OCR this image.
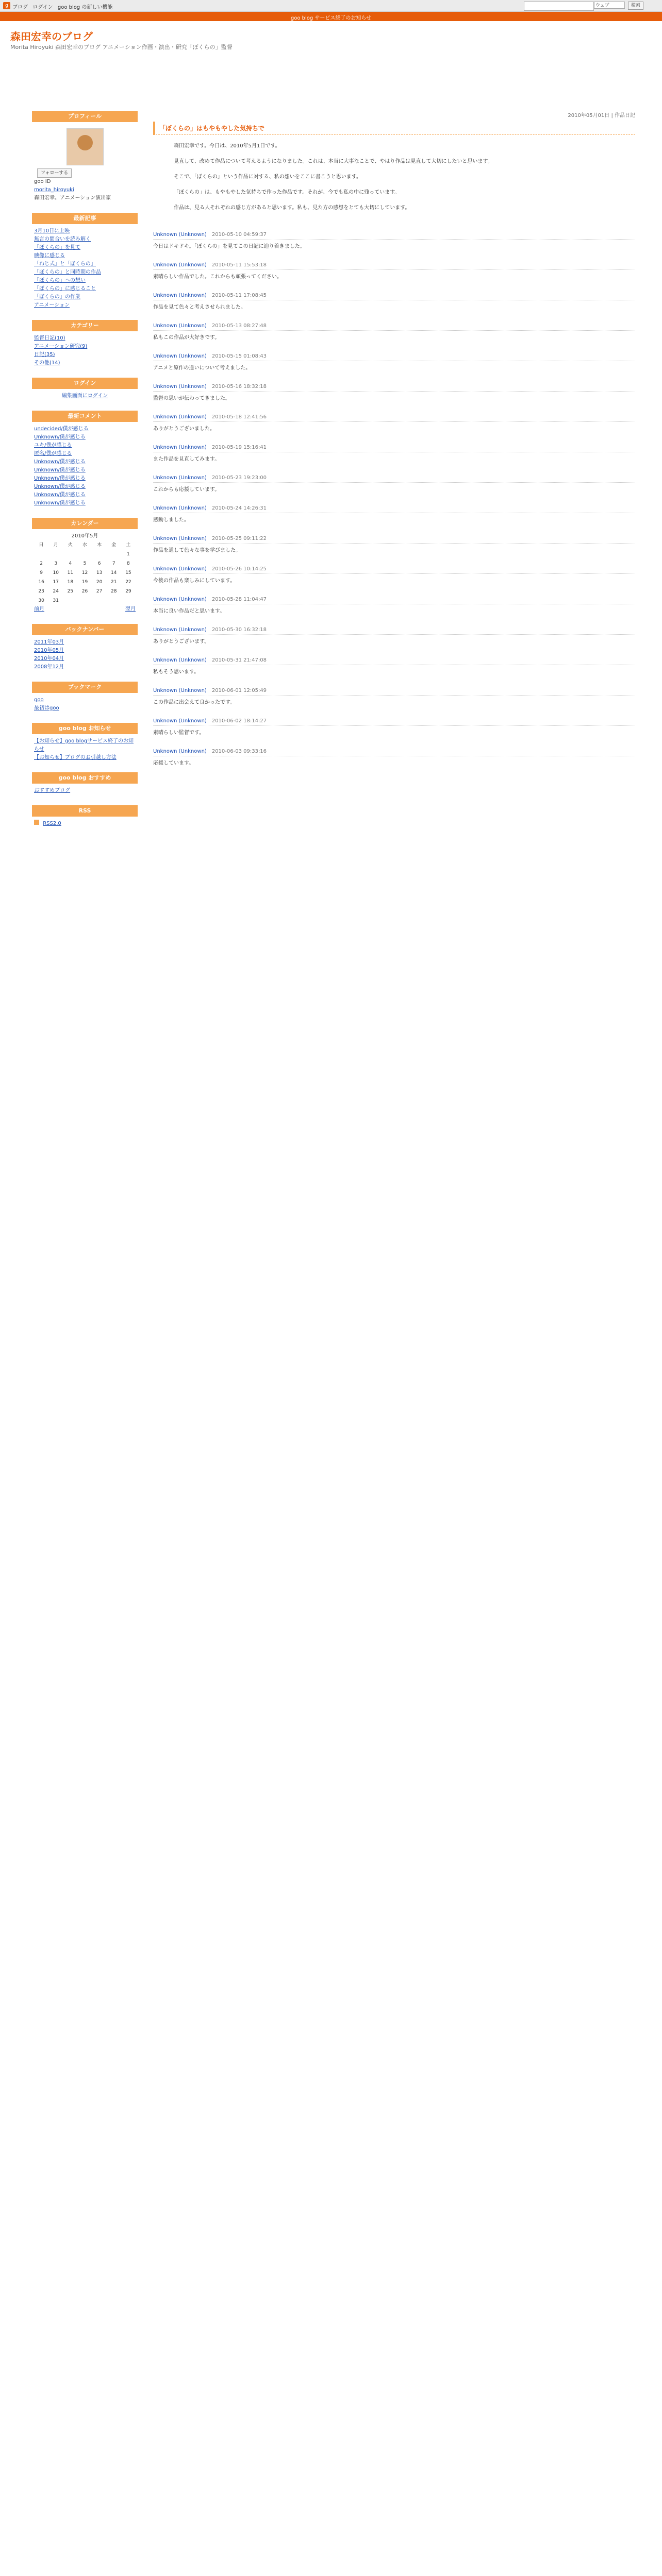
g ブログ ログイン goo blog の新しい機能	ウェブ	検索
goo blog サービス終了のお知らせ
森田宏幸のブログ
Morita Hiroyuki 森田宏幸のブログ アニメーション作画・演出・研究「ぼくらの」監督
プロフィール
フォローする
goo ID
morita_hiroyuki
森田宏幸。アニメーション演出家
最新記事
3月10日に上映
無言の間合いを読み解く
「ぼくらの」を見て
映像に感じる
「ねじ式」と「ぼくらの」
「ぼくらの」と同時期の作品
「ぼくらの」への想い
「ぼくらの」に感じること
「ぼくらの」の作業
アニメーション
カテゴリー
監督日記(10)
アニメーション研究(9)
日記(35)
その他(14)
ログイン
編集画面にログイン
最新コメント
undecided/僕が感じる
Unknown/僕が感じる
ユキ/僕が感じる
匿名/僕が感じる
Unknown/僕が感じる
Unknown/僕が感じる
Unknown/僕が感じる
Unknown/僕が感じる
Unknown/僕が感じる
Unknown/僕が感じる
カレンダー
2010年5月
日	月	火	水	木	金	土
						1
2	3	4	5	6	7	8
9	10	11	12	13	14	15
16	17	18	19	20	21	22
23	24	25	26	27	28	29
30	31					
前月	翌月
バックナンバー
2011年03月
2010年05月
2010年04月
2008年12月
ブックマーク
goo
最初はgoo
goo blog お知らせ
【お知らせ】goo blogサービス終了のお知らせ
【お知らせ】ブログのお引越し方法
goo blog おすすめ
おすすめブログ
RSS
RSS2.0
2010年05月01日 | 作品日記
「ぼくらの」はもやもやした気持ちで

森田宏幸です。今日は、2010年5月1日です。

見直して、改めて作品について考えるようになりました。これは、本当に大事なことで、やはり作品は見直して大切にしたいと思います。

そこで、「ぼくらの」という作品に対する、私の想いをここに書こうと思います。

「ぼくらの」は、もやもやした気持ちで作った作品です。それが、今でも私の中に残っています。

作品は、見る人それぞれの感じ方があると思います。私も、見た方の感想をとても大切にしています。

Unknown (Unknown) 2010-05-10 04:59:37
今日はドキドキ。「ぼくらの」を見てこの日記に辿り着きました。
Unknown (Unknown) 2010-05-11 15:53:18
素晴らしい作品でした。これからも頑張ってください。
Unknown (Unknown) 2010-05-11 17:08:45
作品を見て色々と考えさせられました。
Unknown (Unknown) 2010-05-13 08:27:48
私もこの作品が大好きです。
Unknown (Unknown) 2010-05-15 01:08:43
アニメと原作の違いについて考えました。
Unknown (Unknown) 2010-05-16 18:32:18
監督の思いが伝わってきました。
Unknown (Unknown) 2010-05-18 12:41:56
ありがとうございました。
Unknown (Unknown) 2010-05-19 15:16:41
また作品を見直してみます。
Unknown (Unknown) 2010-05-23 19:23:00
これからも応援しています。
Unknown (Unknown) 2010-05-24 14:26:31
感動しました。
Unknown (Unknown) 2010-05-25 09:11:22
作品を通して色々な事を学びました。
Unknown (Unknown) 2010-05-26 10:14:25
今後の作品も楽しみにしています。
Unknown (Unknown) 2010-05-28 11:04:47
本当に良い作品だと思います。
Unknown (Unknown) 2010-05-30 16:32:18
ありがとうございます。
Unknown (Unknown) 2010-05-31 21:47:08
私もそう思います。
Unknown (Unknown) 2010-06-01 12:05:49
この作品に出会えて良かったです。
Unknown (Unknown) 2010-06-02 18:14:27
素晴らしい監督です。
Unknown (Unknown) 2010-06-03 09:33:16
応援しています。
